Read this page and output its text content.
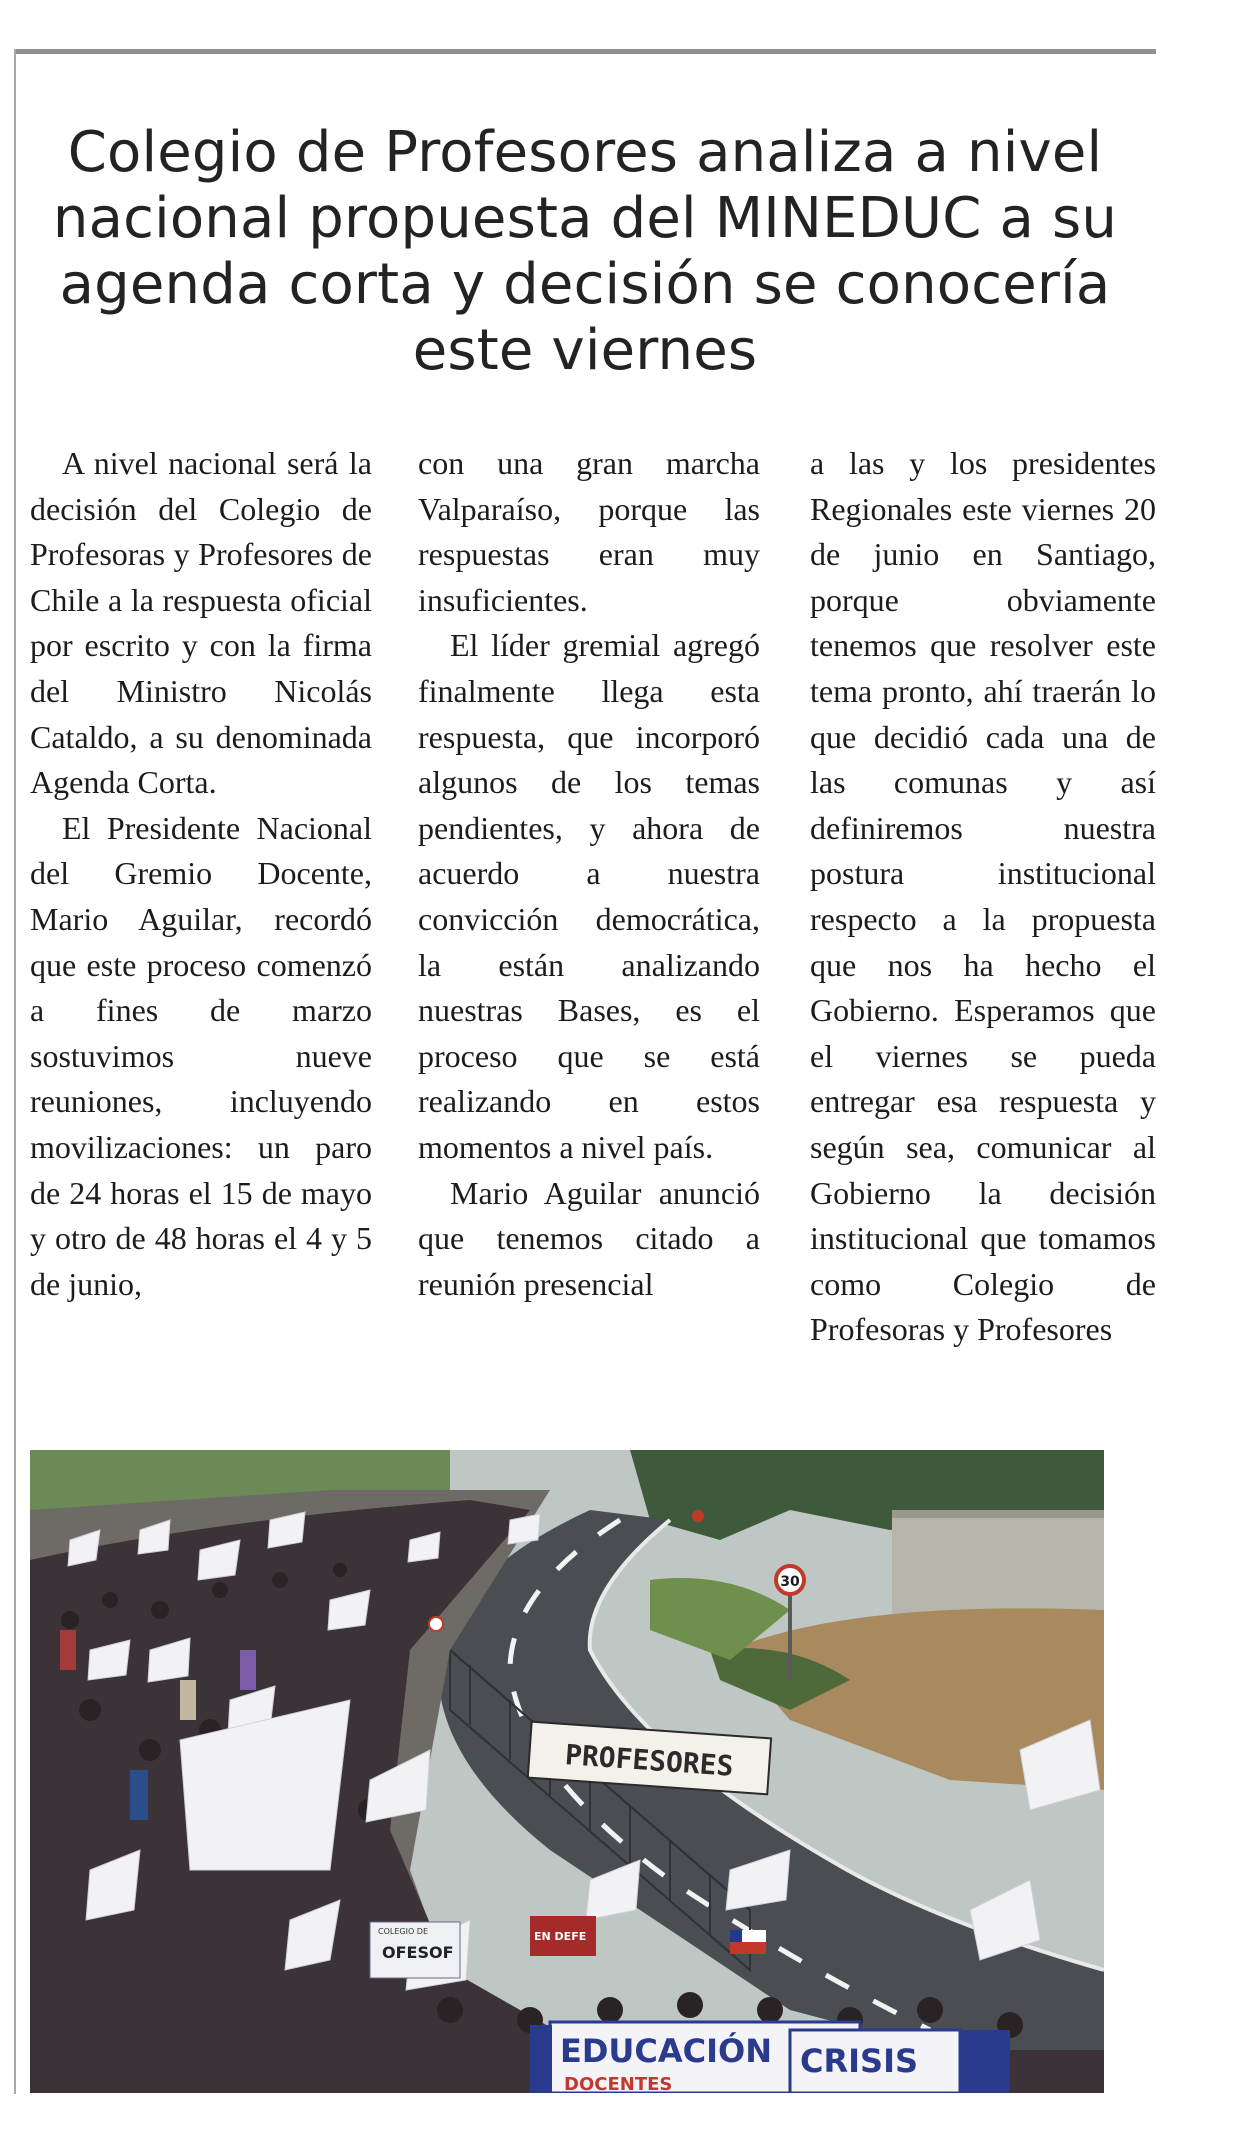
Colegio de Profesores analiza a nivel nacional propuesta del MINEDUC a su agenda corta y decisión se conocería este viernes

A nivel nacional será la decisión del Colegio de Profesoras y Profesores de Chile a la respuesta oficial por escrito y con la firma del Ministro Nicolás Cataldo, a su denominada Agenda Corta.

El Presidente Nacional del Gremio Docente, Mario Aguilar, recordó que este proceso comenzó a fines de marzo sostuvimos nueve reuniones, incluyendo movilizaciones: un paro de 24 horas el 15 de mayo y otro de 48 horas el 4 y 5 de junio,

con una gran marcha Valparaíso, porque las respuestas eran muy insuficientes.

El líder gremial agregó finalmente llega esta respuesta, que incorporó algunos de los temas pendientes, y ahora de acuerdo a nuestra convicción democrática, la están analizando nuestras Bases, es el proceso que se está realizando en estos momentos a nivel país.

Mario Aguilar anunció que tenemos citado a reunión presencial

a las y los presidentes Regionales este viernes 20 de junio en Santiago, porque obviamente tenemos que resolver este tema pronto, ahí traerán lo que decidió cada una de las comunas y así definiremos nuestra postura institucional respecto a la propuesta que nos ha hecho el Gobierno. Esperamos que el viernes se pueda entregar esa respuesta y según sea, comunicar al Gobierno la decisión institucional que tomamos como Colegio de Profesoras y Profesores

30
PROFESORES
COLEGIO DE
OFESOF
EN DEFE
EDUCACIÓN
DOCENTES
CRISIS
